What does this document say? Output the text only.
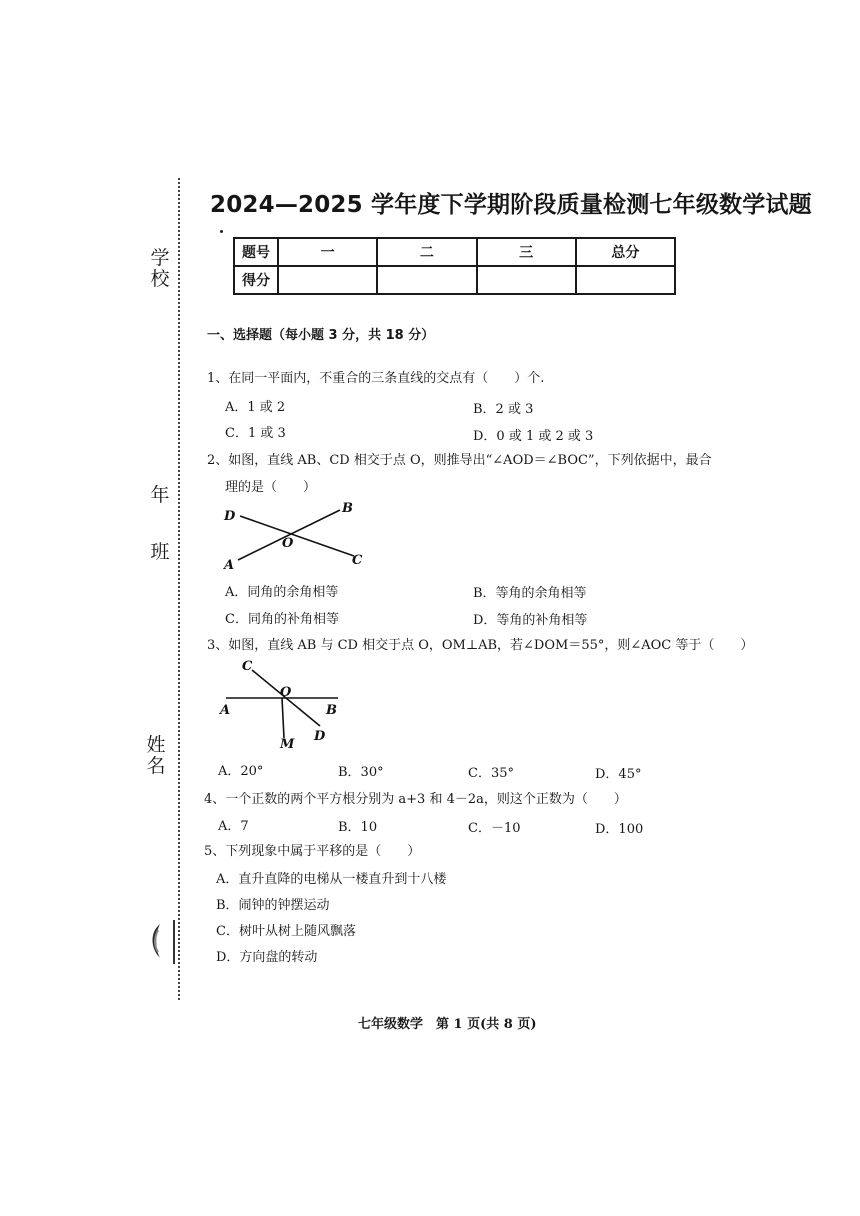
学
校
年
班
姓
名
2024—2025 学年度下学期阶段质量检测七年级数学试题
题号	一	二	三	总分
得分				
一、选择题（每小题 3 分，共 18 分）
1、在同一平面内，不重合的三条直线的交点有（　　）个.
A．1 或 2	B．2 或 3
C．1 或 3	D．0 或 1 或 2 或 3
2、如图，直线 AB、CD 相交于点 O，则推导出“∠AOD＝∠BOC”，下列依据中，最合
理的是（　　）
D
B
O
A	C
A．同角的余角相等	B．等角的余角相等
C．同角的补角相等	D．等角的补角相等
3、如图，直线 AB 与 CD 相交于点 O，OM⊥AB，若∠DOM＝55°，则∠AOC 等于（　　）
C
O
A	B
D
M
A．20°	B．30°	C．35°	D．45°
4、一个正数的两个平方根分别为 a+3 和 4－2a，则这个正数为（　　）
A．7	B．10	C．－10	D．100
5、下列现象中属于平移的是（　　）
A．直升直降的电梯从一楼直升到十八楼
B．闹钟的钟摆运动
C．树叶从树上随风飘落
D．方向盘的转动
七年级数学　第 1 页(共 8 页)
